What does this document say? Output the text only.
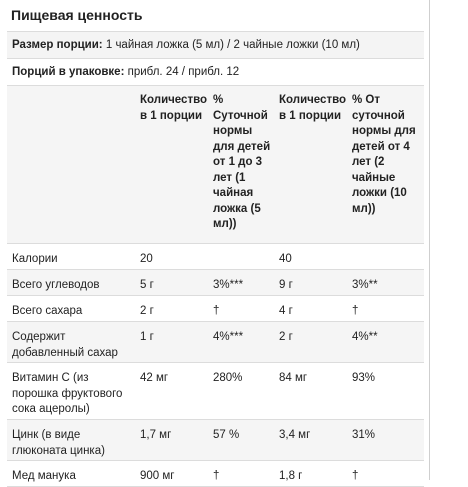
Пищевая ценность
Размер порции: 1 чайная ложка (5 мл) / 2 чайные ложки (10 мл)				
Порций в упаковке: прибл. 24 / прибл. 12				
	Количество в 1 порции	% Суточной нормы для детей от 1 до 3 лет (1 чайная ложка (5 мл))	Количество в 1 порции	% От суточной нормы для детей от 4 лет (2 чайные ложки (10 мл))
Калории	20		40	
Всего углеводов	5 г	3%***	9 г	3%**
Всего сахара	2 г	†	4 г	†
Содержит добавленный сахар	1 г	4%***	2 г	4%**
Витамин C (из порошка фруктового сока ацеролы)	42 мг	280%	84 мг	93%
Цинк (в виде глюконата цинка)	1,7 мг	57 %	3,4 мг	31%
Мед манука	900 мг	†	1,8 г	†
